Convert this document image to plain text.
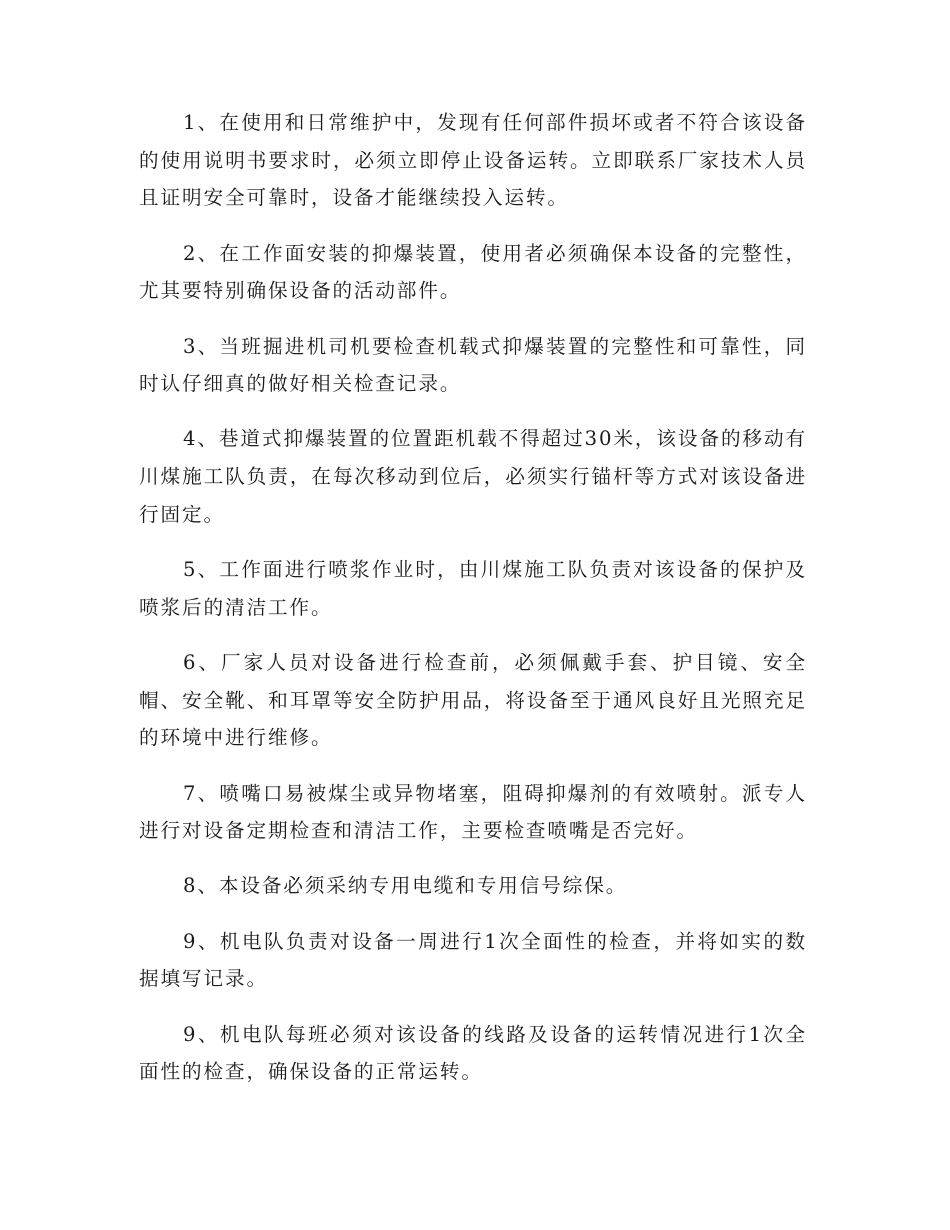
1、在使用和日常维护中，发现有任何部件损坏或者不符合该设备的使用说明书要求时，必须立即停止设备运转。立即联系厂家技术人员且证明安全可靠时，设备才能继续投入运转。

2、在工作面安装的抑爆装置，使用者必须确保本设备的完整性，尤其要特别确保设备的活动部件。

3、当班掘进机司机要检查机载式抑爆装置的完整性和可靠性，同时认仔细真的做好相关检查记录。

4、巷道式抑爆装置的位置距机载不得超过30米，该设备的移动有川煤施工队负责，在每次移动到位后，必须实行锚杆等方式对该设备进行固定。

5、工作面进行喷浆作业时，由川煤施工队负责对该设备的保护及喷浆后的清洁工作。

6、厂家人员对设备进行检查前，必须佩戴手套、护目镜、安全帽、安全靴、和耳罩等安全防护用品，将设备至于通风良好且光照充足的环境中进行维修。

7、喷嘴口易被煤尘或异物堵塞，阻碍抑爆剂的有效喷射。派专人进行对设备定期检查和清洁工作，主要检查喷嘴是否完好。

8、本设备必须采纳专用电缆和专用信号综保。

9、机电队负责对设备一周进行1次全面性的检查，并将如实的数据填写记录。

9、机电队每班必须对该设备的线路及设备的运转情况进行1次全面性的检查，确保设备的正常运转。
